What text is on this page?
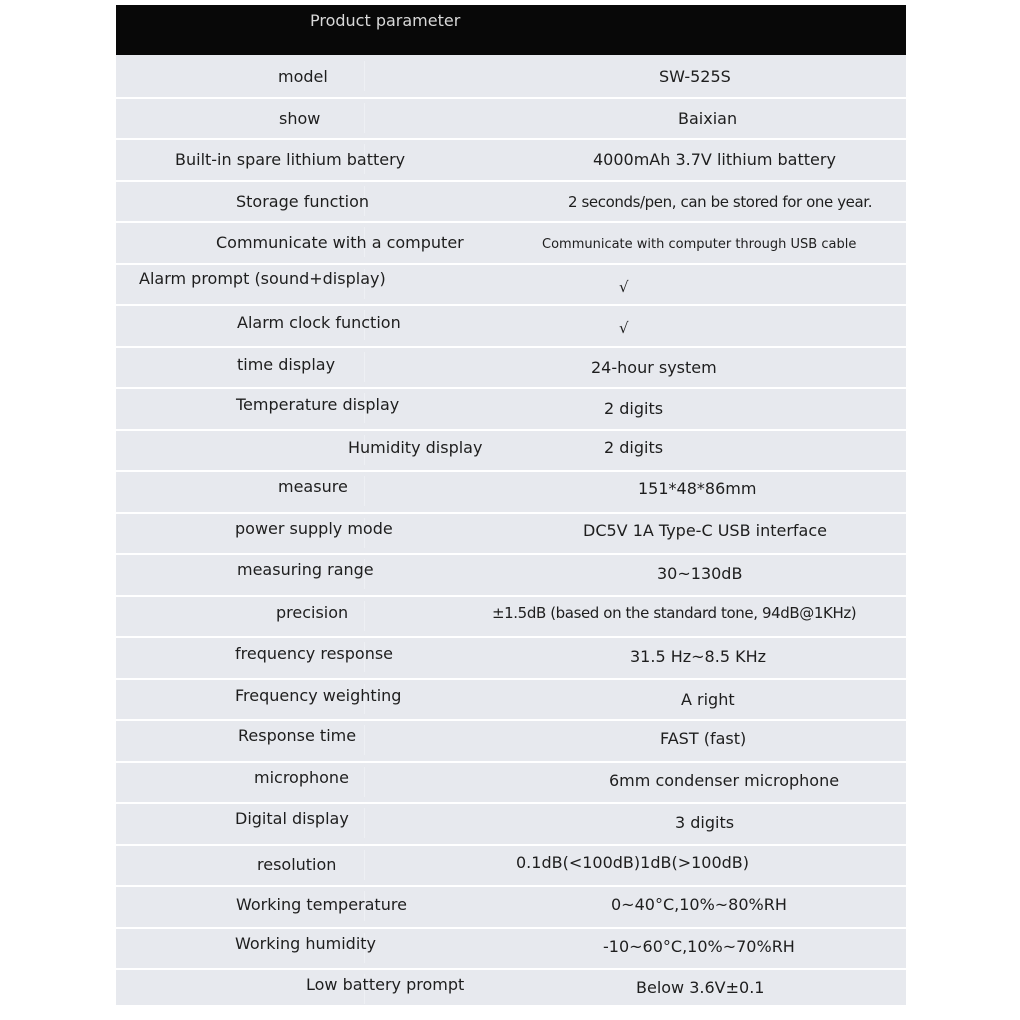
Product parameter
model	SW-525S
show	Baixian
Built-in spare lithium battery	4000mAh 3.7V lithium battery
Storage function	2 seconds/pen, can be stored for one year.
Communicate with a computer	Communicate with computer through USB cable
Alarm prompt (sound+display)	√
Alarm clock function	√
time display	24-hour system
Temperature display	2 digits
Humidity display	2 digits
measure	151*48*86mm
power supply mode	DC5V 1A Type-C USB interface
measuring range	30~130dB
precision	±1.5dB (based on the standard tone, 94dB@1KHz)
frequency response	31.5 Hz~8.5 KHz
Frequency weighting	A right
Response time	FAST (fast)
microphone	6mm condenser microphone
Digital display	3 digits
resolution	0.1dB(<100dB)1dB(>100dB)
Working temperature	0~40°C,10%~80%RH
Working humidity	-10~60°C,10%~70%RH
Low battery prompt	Below 3.6V±0.1
